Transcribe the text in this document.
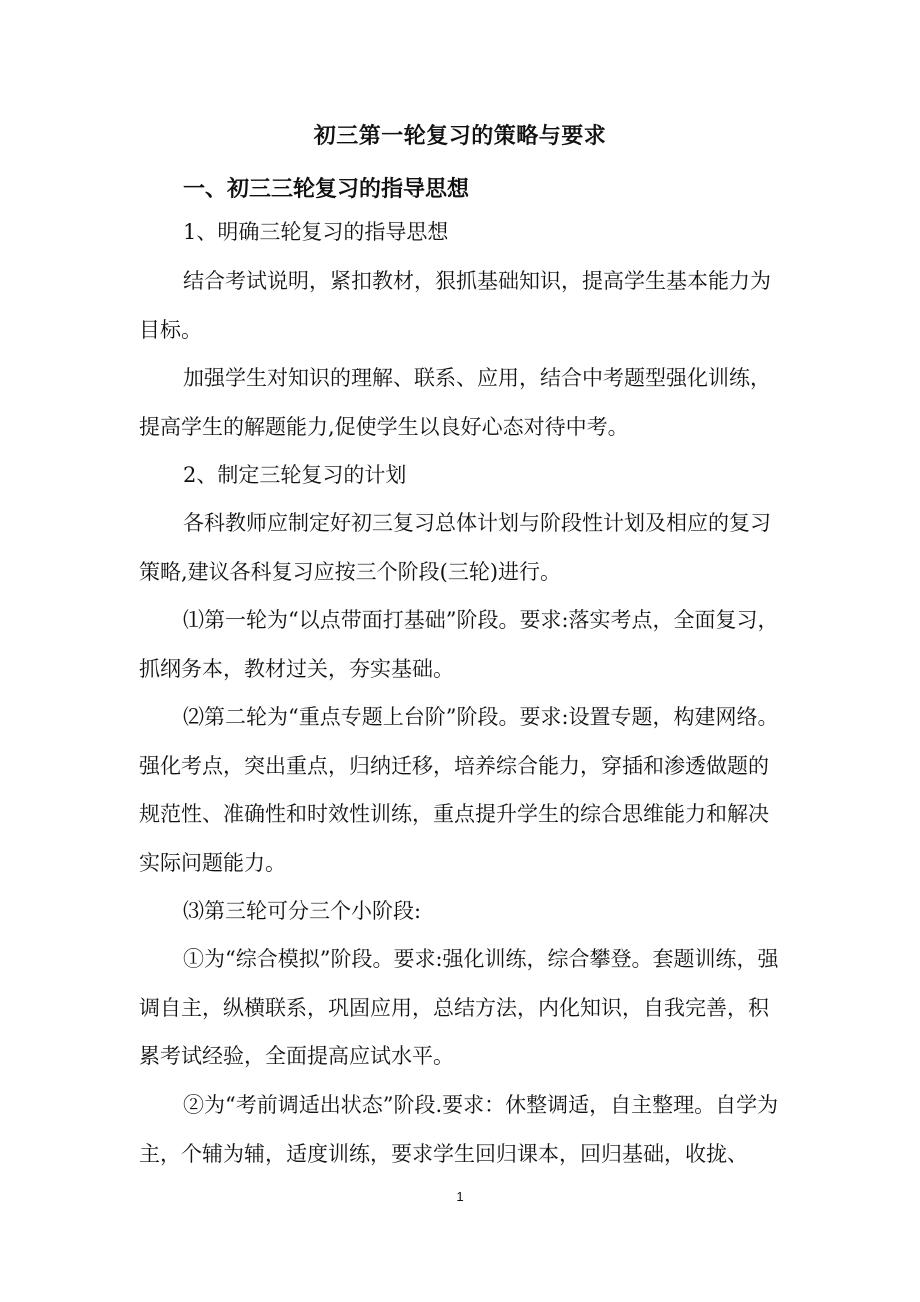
初三第一轮复习的策略与要求
一、初三三轮复习的指导思想

1、明确三轮复习的指导思想

结合考试说明，紧扣教材，狠抓基础知识，提高学生基本能力为目标。

加强学生对知识的理解、联系、应用，结合中考题型强化训练，提高学生的解题能力,促使学生以良好心态对待中考。

2、制定三轮复习的计划

各科教师应制定好初三复习总体计划与阶段性计划及相应的复习策略,建议各科复习应按三个阶段(三轮)进行。

⑴第一轮为“以点带面打基础”阶段。要求:落实考点，全面复习，抓纲务本，教材过关，夯实基础。

⑵第二轮为“重点专题上台阶”阶段。要求:设置专题，构建网络。强化考点，突出重点，归纳迁移，培养综合能力，穿插和渗透做题的规范性、准确性和时效性训练，重点提升学生的综合思维能力和解决实际问题能力。

⑶第三轮可分三个小阶段:

①为“综合模拟”阶段。要求:强化训练，综合攀登。套题训练，强调自主，纵横联系，巩固应用，总结方法，内化知识，自我完善，积累考试经验，全面提高应试水平。

②为“考前调适出状态”阶段.要求：休整调适，自主整理。自学为主，个辅为辅，适度训练，要求学生回归课本，回归基础，收拢、

1
